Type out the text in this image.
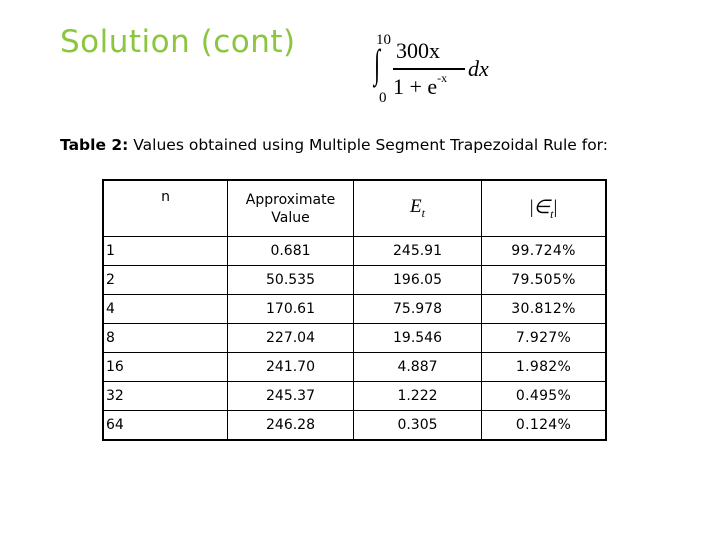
Solution (cont)	10
∫
0
300x
$1 + e^{-x}$ dx
Table 2: Values obtained using Multiple Segment Trapezoidal Rule for:
n	Approximate Value	$E_t$	$|\in_t|$
1	0.681	245.91	99.724%
2	50.535	196.05	79.505%
4	170.61	75.978	30.812%
8	227.04	19.546	7.927%
16	241.70	4.887	1.982%
32	245.37	1.222	0.495%
64	246.28	0.305	0.124%
